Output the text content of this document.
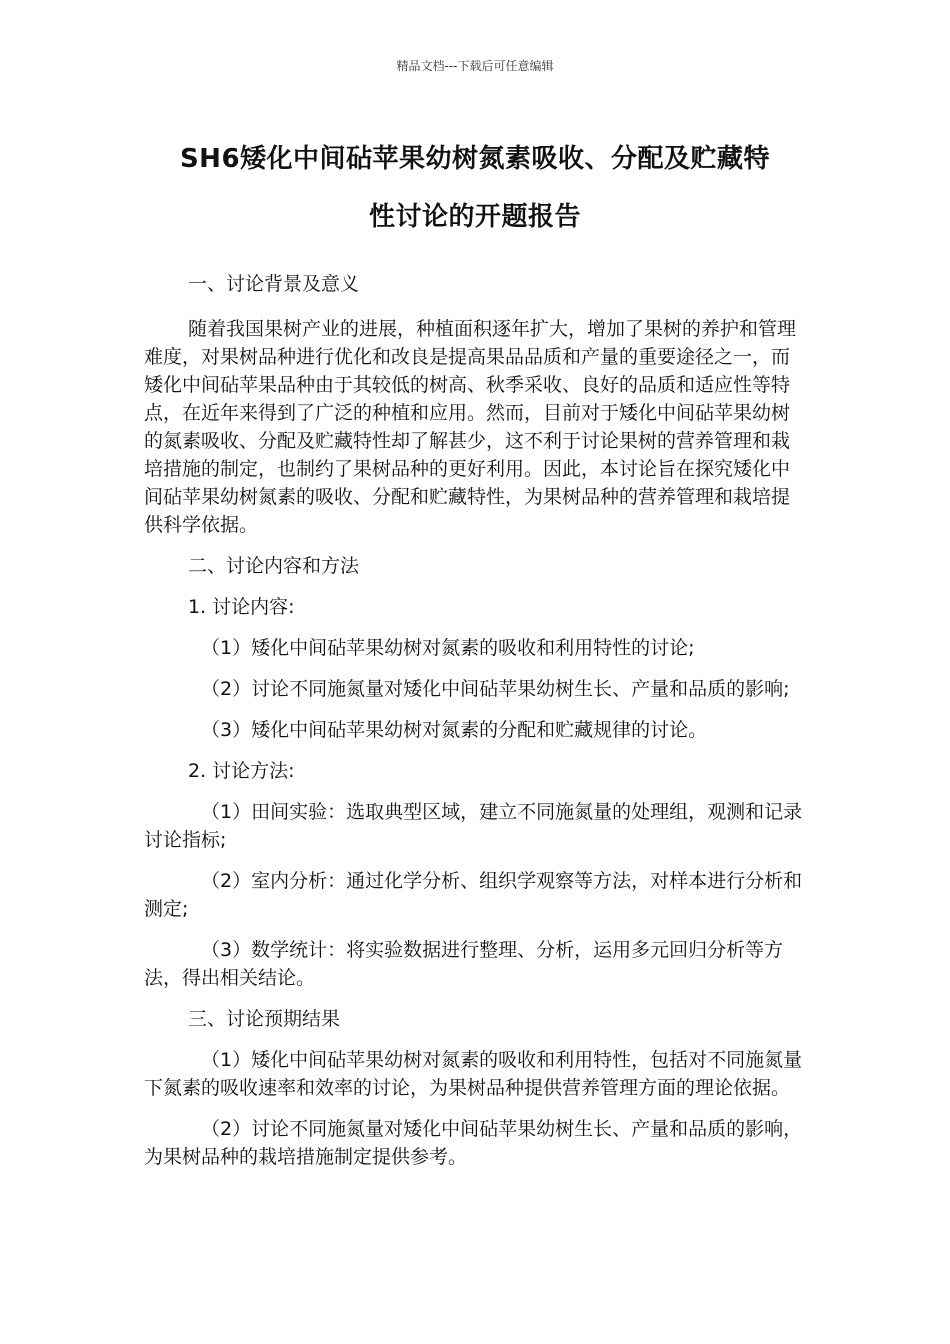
精品文档---下载后可任意编辑
SH6矮化中间砧苹果幼树氮素吸收、分配及贮藏特
性讨论的开题报告

一、讨论背景及意义

随着我国果树产业的进展，种植面积逐年扩大，增加了果树的养护和管理难度，对果树品种进行优化和改良是提高果品品质和产量的重要途径之一，而矮化中间砧苹果品种由于其较低的树高、秋季采收、良好的品质和适应性等特点，在近年来得到了广泛的种植和应用。然而，目前对于矮化中间砧苹果幼树的氮素吸收、分配及贮藏特性却了解甚少，这不利于讨论果树的营养管理和栽培措施的制定，也制约了果树品种的更好利用。因此，本讨论旨在探究矮化中间砧苹果幼树氮素的吸收、分配和贮藏特性，为果树品种的营养管理和栽培提供科学依据。

二、讨论内容和方法

1. 讨论内容:

（1）矮化中间砧苹果幼树对氮素的吸收和利用特性的讨论;

（2）讨论不同施氮量对矮化中间砧苹果幼树生长、产量和品质的影响;

（3）矮化中间砧苹果幼树对氮素的分配和贮藏规律的讨论。

2. 讨论方法:

（1）田间实验：选取典型区域，建立不同施氮量的处理组，观测和记录讨论指标;

（2）室内分析：通过化学分析、组织学观察等方法，对样本进行分析和测定;

（3）数学统计：将实验数据进行整理、分析，运用多元回归分析等方法，得出相关结论。

三、讨论预期结果

（1）矮化中间砧苹果幼树对氮素的吸收和利用特性，包括对不同施氮量下氮素的吸收速率和效率的讨论，为果树品种提供营养管理方面的理论依据。

（2）讨论不同施氮量对矮化中间砧苹果幼树生长、产量和品质的影响，为果树品种的栽培措施制定提供参考。
